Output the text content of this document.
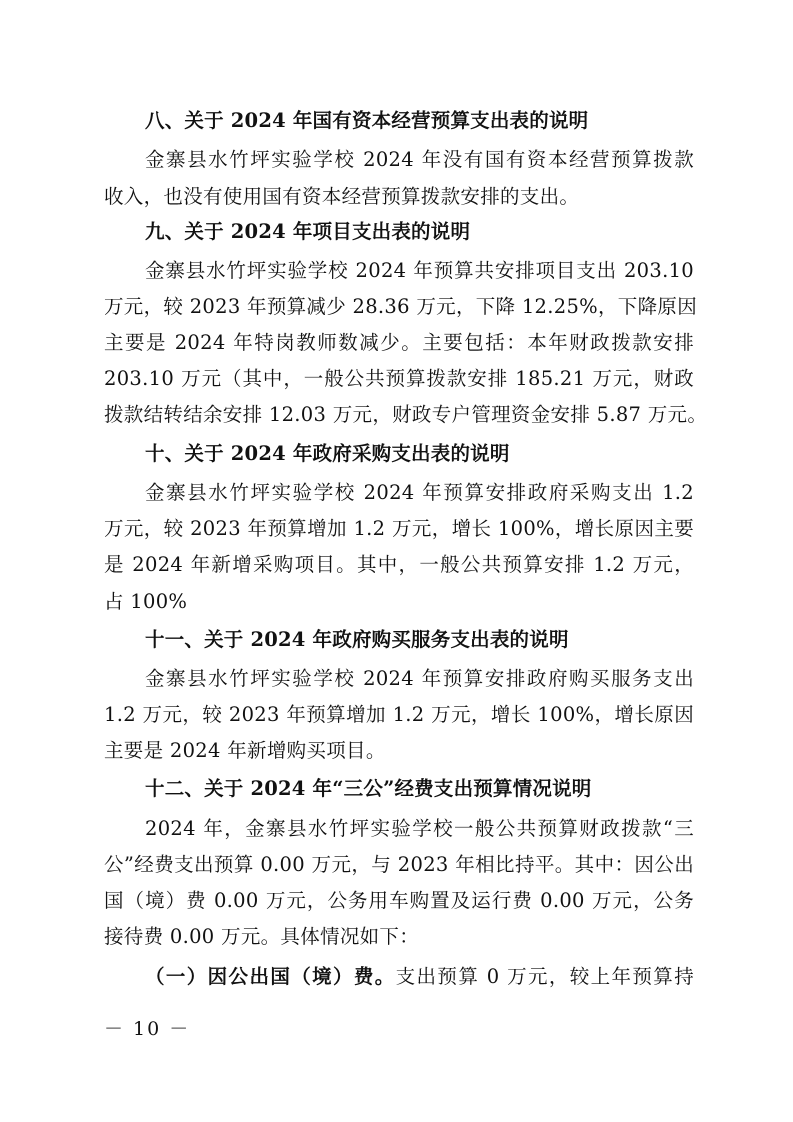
八、关于 2024 年国有资本经营预算支出表的说明
金寨县水竹坪实验学校 2024 年没有国有资本经营预算拨款
收入，也没有使用国有资本经营预算拨款安排的支出。
九、关于 2024 年项目支出表的说明
金寨县水竹坪实验学校 2024 年预算共安排项目支出 203.10
万元，较 2023 年预算减少 28.36 万元，下降 12.25%，下降原因
主要是 2024 年特岗教师数减少。主要包括：本年财政拨款安排
203.10 万元（其中，一般公共预算拨款安排 185.21 万元，财政
拨款结转结余安排 12.03 万元，财政专户管理资金安排 5.87 万元。
十、关于 2024 年政府采购支出表的说明
金寨县水竹坪实验学校 2024 年预算安排政府采购支出 1.2
万元，较 2023 年预算增加 1.2 万元，增长 100%，增长原因主要
是 2024 年新增采购项目。其中，一般公共预算安排 1.2 万元，
占 100%
十一、关于 2024 年政府购买服务支出表的说明
金寨县水竹坪实验学校 2024 年预算安排政府购买服务支出
1.2 万元，较 2023 年预算增加 1.2 万元，增长 100%，增长原因
主要是 2024 年新增购买项目。
十二、关于 2024 年“三公”经费支出预算情况说明
2024 年，金寨县水竹坪实验学校一般公共预算财政拨款“三
公”经费支出预算 0.00 万元，与 2023 年相比持平。其中：因公出
国（境）费 0.00 万元，公务用车购置及运行费 0.00 万元，公务
接待费 0.00 万元。具体情况如下：
（一）因公出国（境）费。支出预算 0 万元，较上年预算持
－ 10 －
